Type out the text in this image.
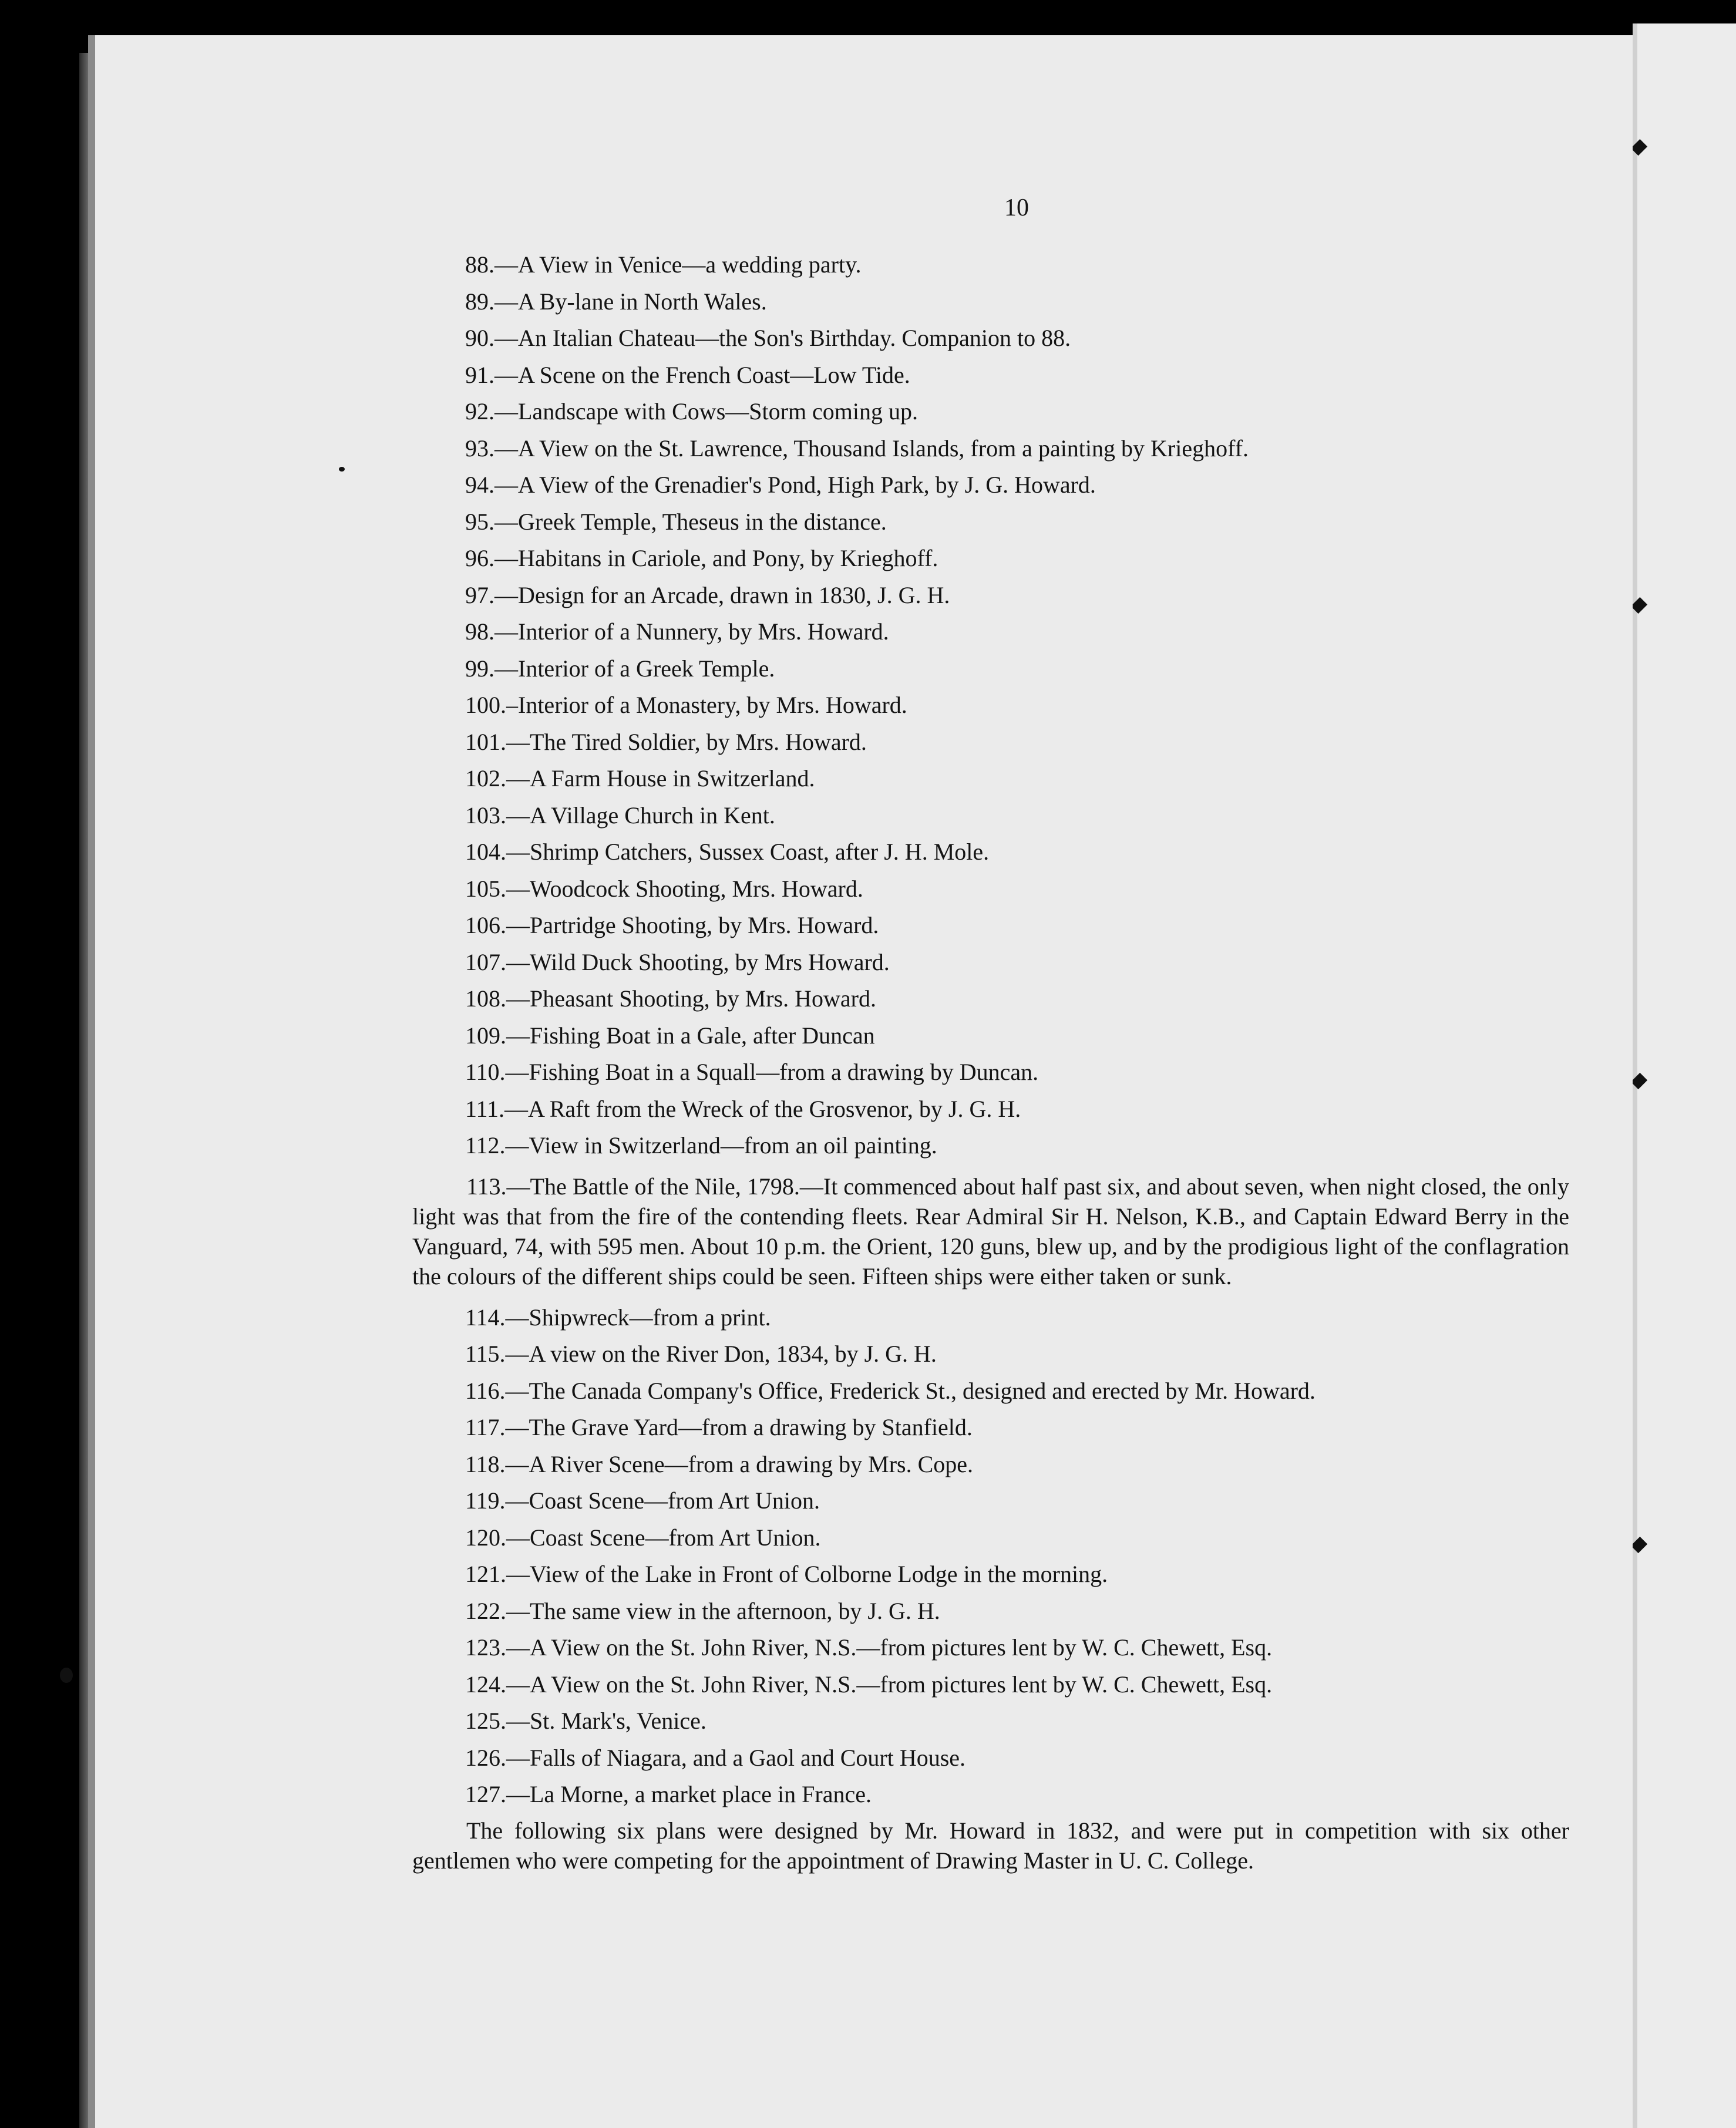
10
88.—A View in Venice—a wedding party.
89.—A By-lane in North Wales.
90.—An Italian Chateau—the Son's Birthday. Companion to 88.
91.—A Scene on the French Coast—Low Tide.
92.—Landscape with Cows—Storm coming up.
93.—A View on the St. Lawrence, Thousand Islands, from a painting by Krieghoff.
94.—A View of the Grenadier's Pond, High Park, by J. G. Howard.
95.—Greek Temple, Theseus in the distance.
96.—Habitans in Cariole, and Pony, by Krieghoff.
97.—Design for an Arcade, drawn in 1830, J. G. H.
98.—Interior of a Nunnery, by Mrs. Howard.
99.—Interior of a Greek Temple.
100.–Interior of a Monastery, by Mrs. Howard.
101.—The Tired Soldier, by Mrs. Howard.
102.—A Farm House in Switzerland.
103.—A Village Church in Kent.
104.—Shrimp Catchers, Sussex Coast, after J. H. Mole.
105.—Woodcock Shooting, Mrs. Howard.
106.—Partridge Shooting, by Mrs. Howard.
107.—Wild Duck Shooting, by Mrs Howard.
108.—Pheasant Shooting, by Mrs. Howard.
109.—Fishing Boat in a Gale, after Duncan
110.—Fishing Boat in a Squall—from a drawing by Duncan.
111.—A Raft from the Wreck of the Grosvenor, by J. G. H.
112.—View in Switzerland—from an oil painting.
113.—The Battle of the Nile, 1798.—It commenced about half past six, and about seven, when night closed, the only light was that from the fire of the contending fleets. Rear Admiral Sir H. Nelson, K.B., and Captain Edward Berry in the Vanguard, 74, with 595 men. About 10 p.m. the Orient, 120 guns, blew up, and by the prodigious light of the conflagration the colours of the different ships could be seen. Fifteen ships were either taken or sunk.
114.—Shipwreck—from a print.
115.—A view on the River Don, 1834, by J. G. H.
116.—The Canada Company's Office, Frederick St., designed and erected by Mr. Howard.
117.—The Grave Yard—from a drawing by Stanfield.
118.—A River Scene—from a drawing by Mrs. Cope.
119.—Coast Scene—from Art Union.
120.—Coast Scene—from Art Union.
121.—View of the Lake in Front of Colborne Lodge in the morning.
122.—The same view in the afternoon, by J. G. H.
123.—A View on the St. John River, N.S.—from pictures lent by W. C. Chewett, Esq.
124.—A View on the St. John River, N.S.—from pictures lent by W. C. Chewett, Esq.
125.—St. Mark's, Venice.
126.—Falls of Niagara, and a Gaol and Court House.
127.—La Morne, a market place in France.
The following six plans were designed by Mr. Howard in 1832, and were put in competition with six other gentlemen who were competing for the appointment of Drawing Master in U. C. College.
